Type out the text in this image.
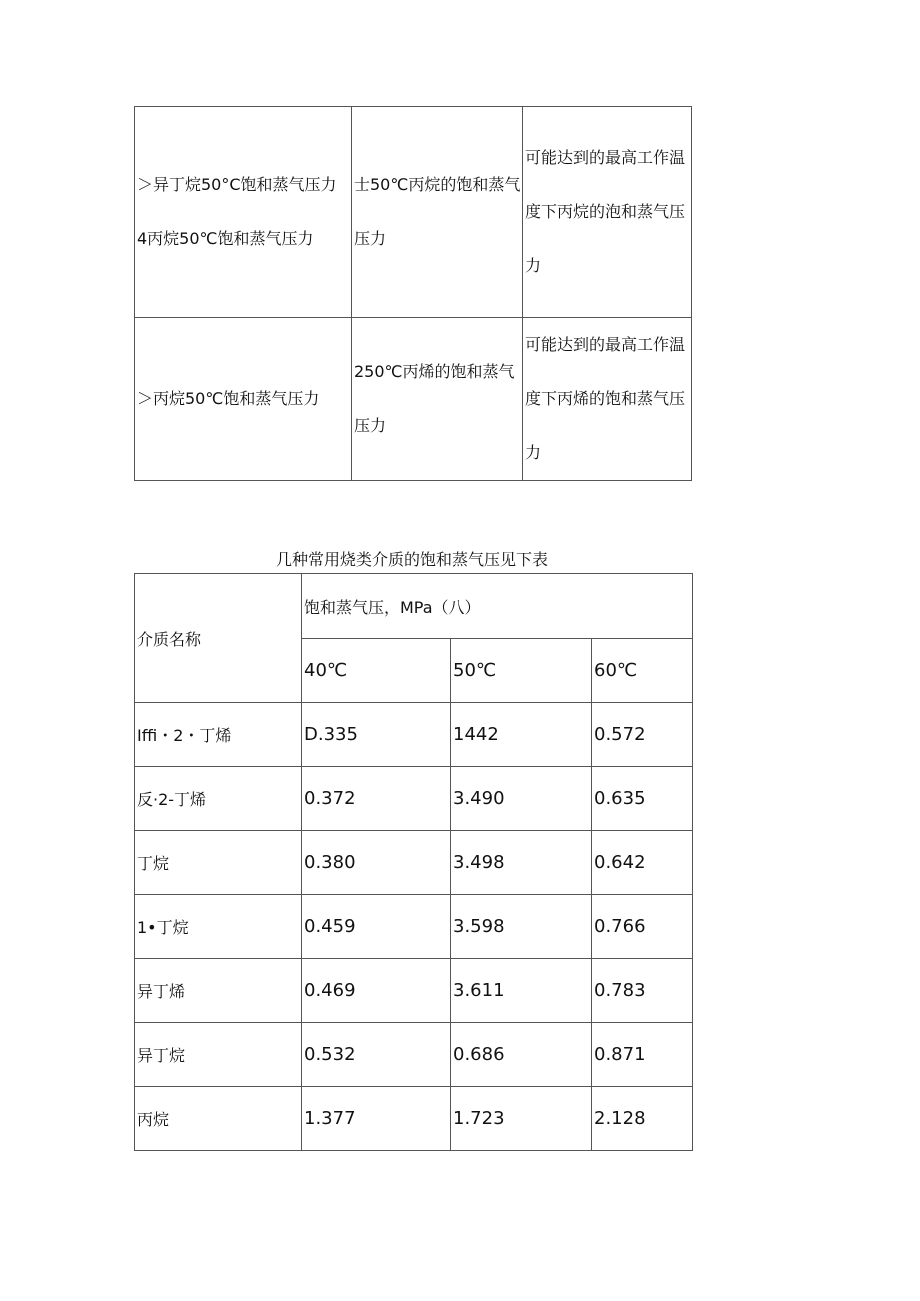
＞异丁烷50°C饱和蒸气压力
4丙烷50℃饱和蒸气压力	士50℃丙烷的饱和蒸气压力	可能达到的最高工作温度下丙烷的泡和蒸气压力

＞丙烷50℃饱和蒸气压力	250℃丙烯的饱和蒸气压力	可能达到的最高工作温度下丙烯的饱和蒸气压力
几种常用烧类介质的饱和蒸气压见下表
介质名称	饱和蒸气压，MPa（八）		
	40℃	50℃	60℃
Iffi・2・丁烯	D.335	1442	0.572
反·2-丁烯	0.372	3.490	0.635
丁烷	0.380	3.498	0.642
1•丁烷	0.459	3.598	0.766
异丁烯	0.469	3.611	0.783
异丁烷	0.532	0.686	0.871
丙烷	1.377	1.723	2.128
